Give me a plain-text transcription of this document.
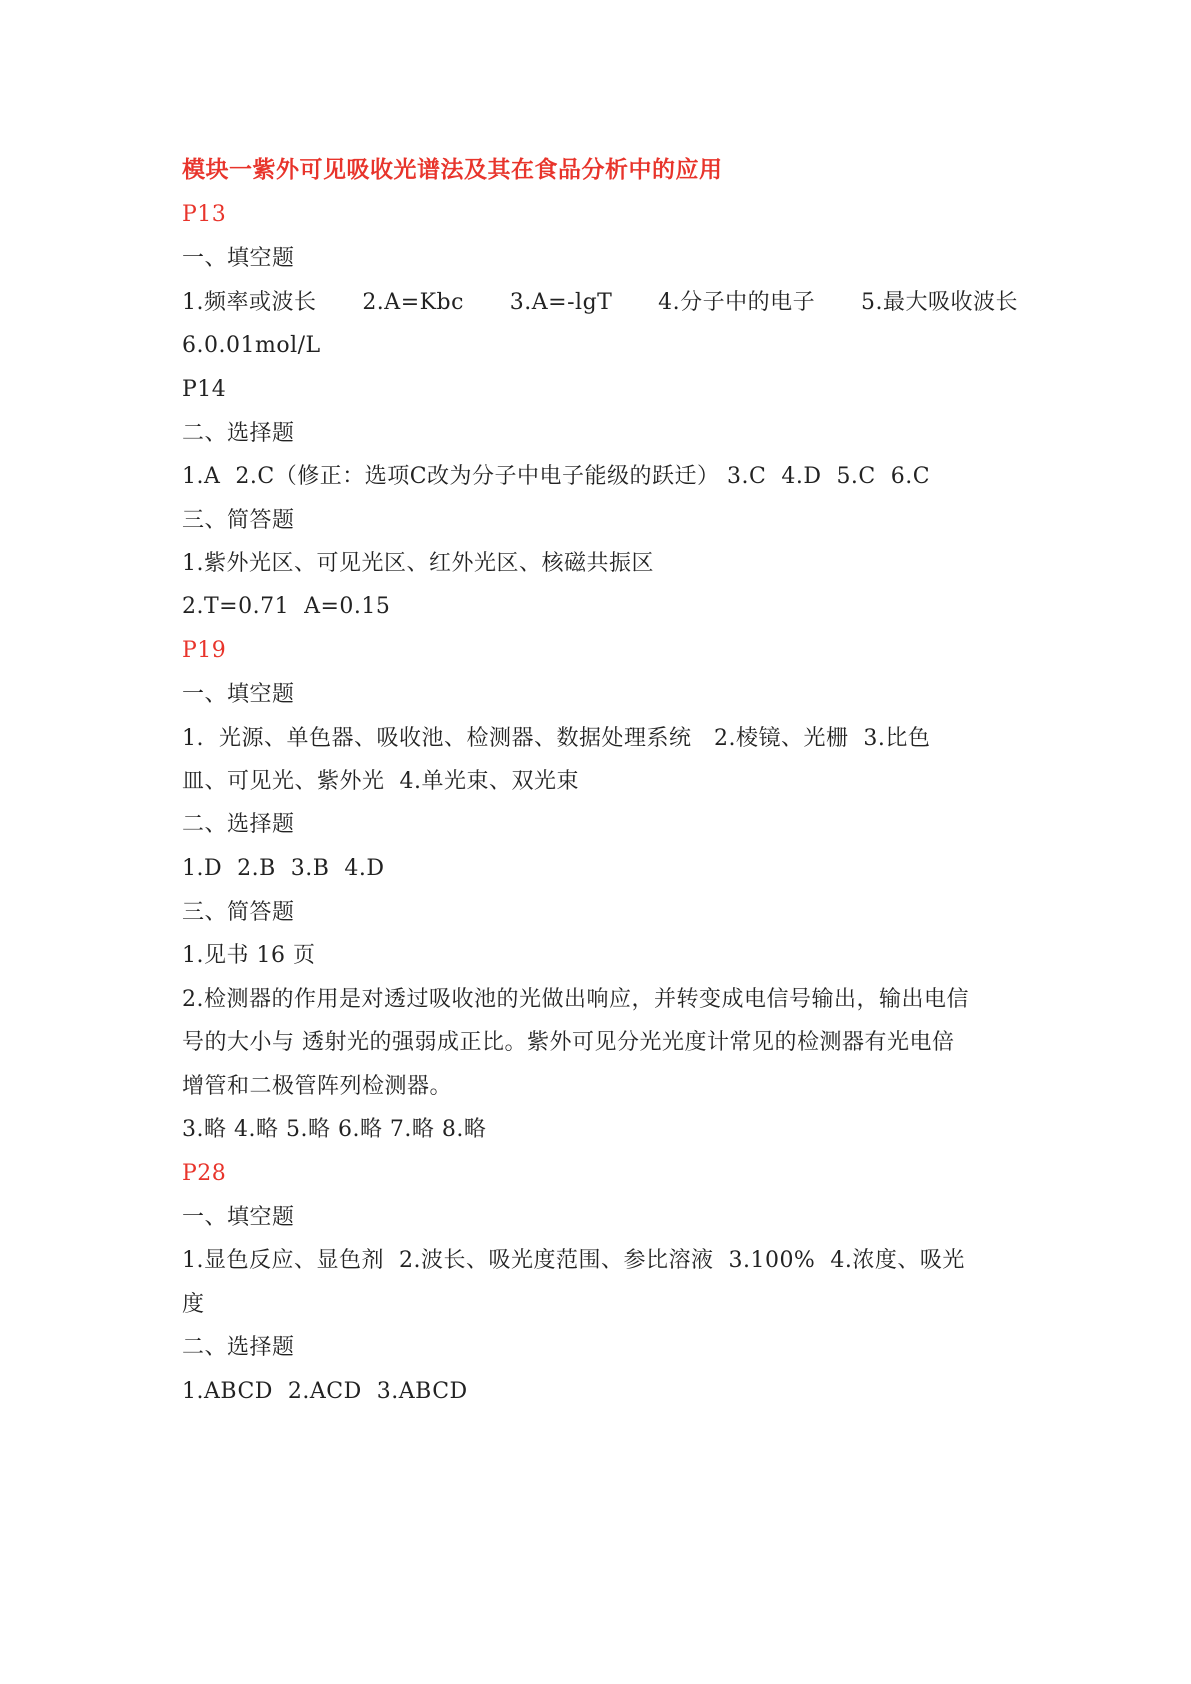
模块一紫外可见吸收光谱法及其在食品分析中的应用
P13
一、填空题
1.频率或波长 2.A=Kbc 3.A=-lgT 4.分子中的电子 5.最大吸收波长
6.0.01mol/L
P14
二、选择题
1.A  2.C（修正：选项C改为分子中电子能级的跃迁） 3.C  4.D  5.C  6.C
三、简答题
1.紫外光区、可见光区、红外光区、核磁共振区
2.T=0.71  A=0.15
P19
一、填空题
1.  光源、单色器、吸收池、检测器、数据处理系统   2.棱镜、光栅  3.比色
皿、可见光、紫外光  4.单光束、双光束
二、选择题
1.D  2.B  3.B  4.D
三、简答题
1.见书 16 页
2.检测器的作用是对透过吸收池的光做出响应，并转变成电信号输出，输出电信
号的大小与 透射光的强弱成正比。紫外可见分光光度计常见的检测器有光电倍
增管和二极管阵列检测器。
3.略 4.略 5.略 6.略 7.略 8.略
P28
一、填空题
1.显色反应、显色剂  2.波长、吸光度范围、参比溶液  3.100%  4.浓度、吸光
度
二、选择题
1.ABCD  2.ACD  3.ABCD
